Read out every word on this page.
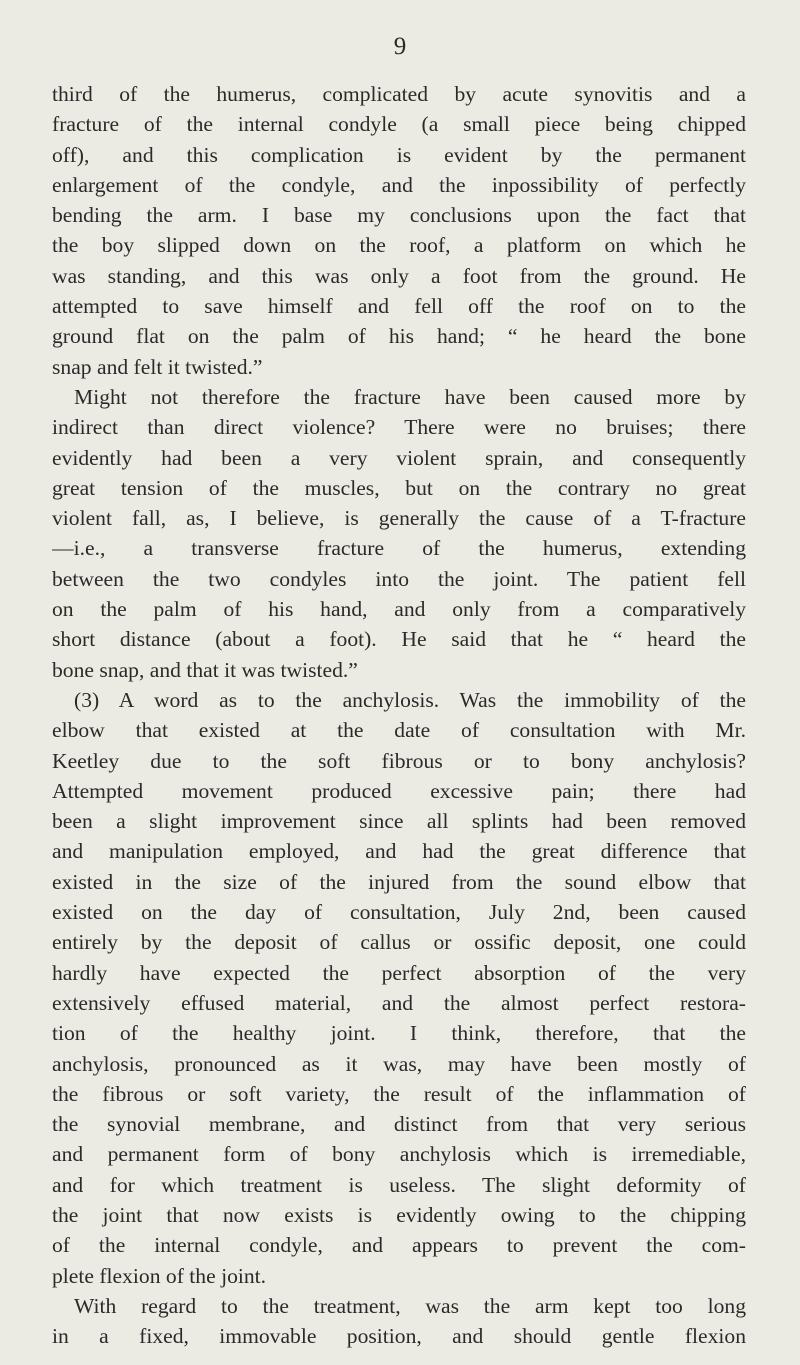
9
third of the humerus, complicated by acute synovitis and a
fracture of the internal condyle (a small piece being chipped
off), and this complication is evident by the permanent
enlargement of the condyle, and the inpossibility of perfectly
bending the arm. I base my conclusions upon the fact that
the boy slipped down on the roof, a platform on which he
was standing, and this was only a foot from the ground. He
attempted to save himself and fell off the roof on to the
ground flat on the palm of his hand; “ he heard the bone
snap and felt it twisted.”
Might not therefore the fracture have been caused more by
indirect than direct violence? There were no bruises; there
evidently had been a very violent sprain, and consequently
great tension of the muscles, but on the contrary no great
violent fall, as, I believe, is generally the cause of a T-fracture
—i.e., a transverse fracture of the humerus, extending
between the two condyles into the joint. The patient fell
on the palm of his hand, and only from a comparatively
short distance (about a foot). He said that he “ heard the
bone snap, and that it was twisted.”
(3) A word as to the anchylosis. Was the immobility of the
elbow that existed at the date of consultation with Mr.
Keetley due to the soft fibrous or to bony anchylosis?
Attempted movement produced excessive pain; there had
been a slight improvement since all splints had been removed
and manipulation employed, and had the great difference that
existed in the size of the injured from the sound elbow that
existed on the day of consultation, July 2nd, been caused
entirely by the deposit of callus or ossific deposit, one could
hardly have expected the perfect absorption of the very
extensively effused material, and the almost perfect restora-
tion of the healthy joint. I think, therefore, that the
anchylosis, pronounced as it was, may have been mostly of
the fibrous or soft variety, the result of the inflammation of
the synovial membrane, and distinct from that very serious
and permanent form of bony anchylosis which is irremediable,
and for which treatment is useless. The slight deformity of
the joint that now exists is evidently owing to the chipping
of the internal condyle, and appears to prevent the com-
plete flexion of the joint.
With regard to the treatment, was the arm kept too long
in a fixed, immovable position, and should gentle flexion
